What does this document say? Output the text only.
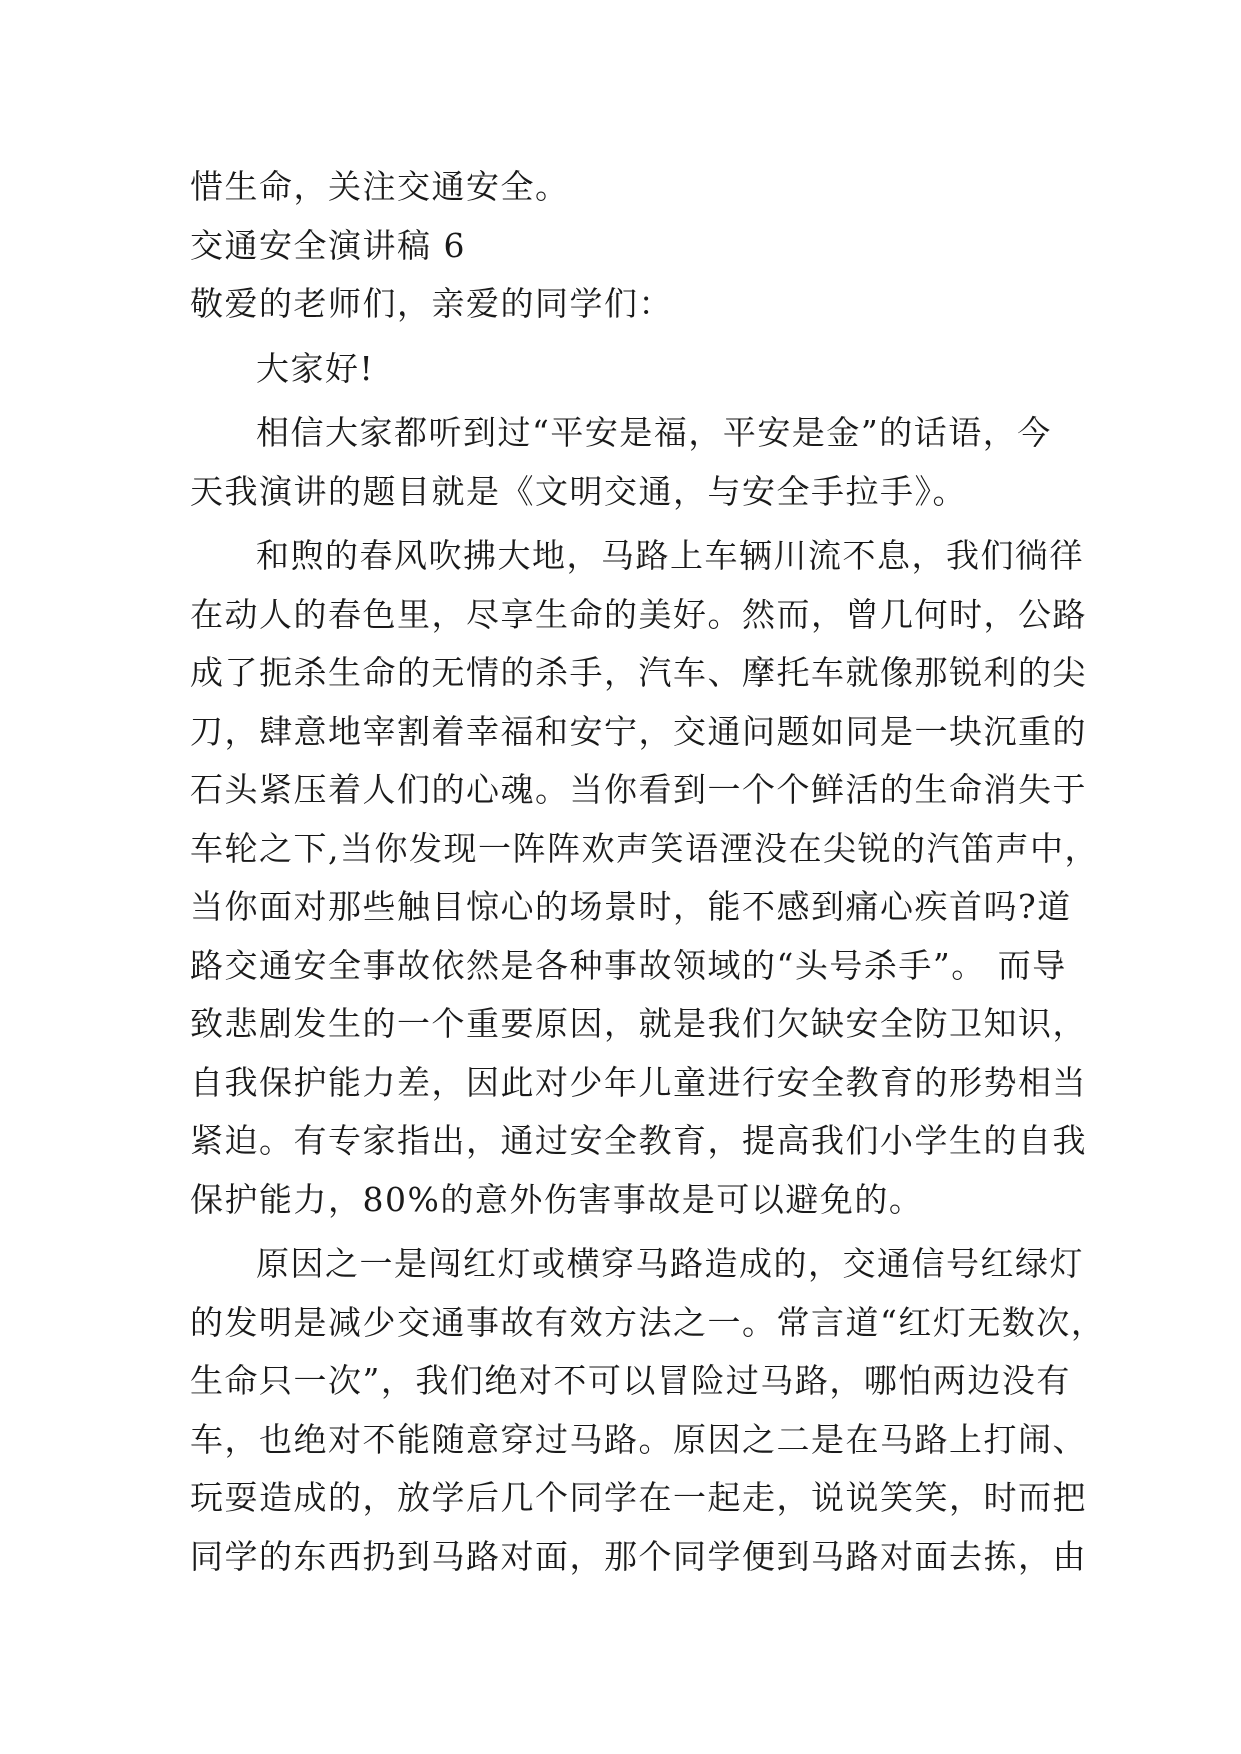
惜生命，关注交通安全。
交通安全演讲稿 6
敬爱的老师们，亲爱的同学们：
大家好!
相信大家都听到过“平安是福，平安是金”的话语，今
天我演讲的题目就是《文明交通，与安全手拉手》。
和煦的春风吹拂大地，马路上车辆川流不息，我们徜徉
在动人的春色里，尽享生命的美好。然而，曾几何时，公路
成了扼杀生命的无情的杀手，汽车、摩托车就像那锐利的尖
刀，肆意地宰割着幸福和安宁，交通问题如同是一块沉重的
石头紧压着人们的心魂。当你看到一个个鲜活的生命消失于
车轮之下,当你发现一阵阵欢声笑语湮没在尖锐的汽笛声中，
当你面对那些触目惊心的场景时，能不感到痛心疾首吗?道
路交通安全事故依然是各种事故领域的“头号杀手”。 而导
致悲剧发生的一个重要原因，就是我们欠缺安全防卫知识，
自我保护能力差，因此对少年儿童进行安全教育的形势相当
紧迫。有专家指出，通过安全教育，提高我们小学生的自我
保护能力，80%的意外伤害事故是可以避免的。
原因之一是闯红灯或横穿马路造成的，交通信号红绿灯
的发明是减少交通事故有效方法之一。常言道“红灯无数次，
生命只一次”，我们绝对不可以冒险过马路，哪怕两边没有
车，也绝对不能随意穿过马路。原因之二是在马路上打闹、
玩耍造成的，放学后几个同学在一起走，说说笑笑，时而把
同学的东西扔到马路对面，那个同学便到马路对面去拣，由
